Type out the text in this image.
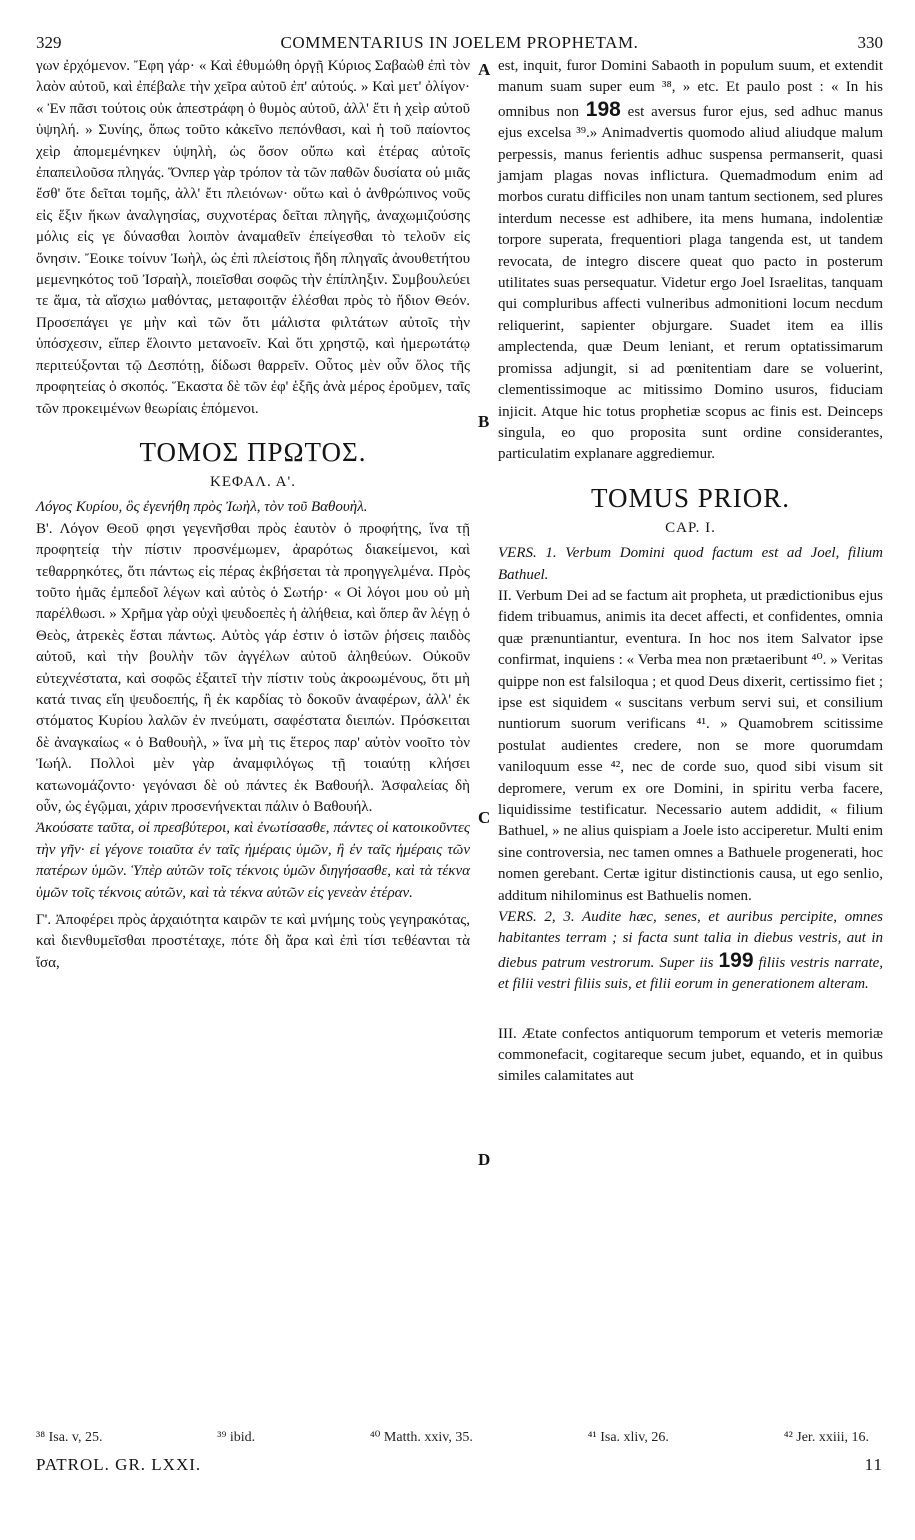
329	COMMENTARIUS IN JOELEM PROPHETAM.	330

γων ἐρχόμενον. Ἔφη γάρ· « Καὶ ἐθυμώθη ὀργῇ Κύριος Σαβαὼθ ἐπὶ τὸν λαὸν αὐτοῦ, καὶ ἐπέβαλε τὴν χεῖρα αὐτοῦ ἐπ' αὐτούς. » Καὶ μετ' ὀλίγον· « Ἐν πᾶσι τούτοις οὐκ ἀπεστράφη ὁ θυμὸς αὐτοῦ, ἀλλ' ἔτι ἡ χεὶρ αὐτοῦ ὑψηλή. » Συνίης, ὅπως τοῦτο κἀκεῖνο πεπόνθασι, καὶ ἡ τοῦ παίοντος χεὶρ ἀπομεμένηκεν ὑψηλὴ, ὡς ὅσον οὔπω καὶ ἑτέρας αὐτοῖς ἐπαπειλοῦσα πληγάς. Ὅνπερ γὰρ τρόπον τὰ τῶν παθῶν δυσίατα οὐ μιᾶς ἔσθ' ὅτε δεῖται τομῆς, ἀλλ' ἔτι πλειόνων· οὕτω καὶ ὁ ἀνθρώπινος νοῦς εἰς ἕξιν ἥκων ἀναλγησίας, συχνοτέρας δεῖται πληγῆς, ἀναχωμιζούσης μόλις εἰς γε δύνασθαι λοιπὸν ἀναμαθεῖν ἐπείγεσθαι τὸ τελοῦν εἰς ὄνησιν. Ἔοικε τοίνυν Ἰωὴλ, ὡς ἐπὶ πλείστοις ἤδη πληγαῖς ἀνουθετήτου μεμενηκότος τοῦ Ἰσραὴλ, ποιεῖσθαι σοφῶς τὴν ἐπίπληξιν. Συμβουλεύει τε ἅμα, τὰ αἴσχιω μαθόντας, μεταφοιτᾷν ἐλέσθαι πρὸς τὸ ἥδιον Θεόν. Προσεπάγει γε μὴν καὶ τῶν ὅτι μάλιστα φιλτάτων αὐτοῖς τὴν ὑπόσχεσιν, εἴπερ ἕλοιντο μετανοεῖν. Καὶ ὅτι χρηστῷ, καὶ ἡμερωτάτῳ περιτεύξονται τῷ Δεσπότῃ, δίδωσι θαρρεῖν. Οὗτος μὲν οὖν ὅλος τῆς προφητείας ὁ σκοπός. Ἕκαστα δὲ τῶν ἐφ' ἑξῆς ἀνὰ μέρος ἐροῦμεν, ταῖς τῶν προκειμένων θεωρίαις ἑπόμενοι.

ΤΟΜΟΣ ΠΡΩΤΟΣ.
ΚΕΦΑΛ. Α'.

Λόγος Κυρίου, ὃς ἐγενήθη πρὸς Ἰωὴλ, τὸν τοῦ Βαθουὴλ.

Β'. Λόγον Θεοῦ φησι γεγενῆσθαι πρὸς ἑαυτὸν ὁ προφήτης, ἵνα τῇ προφητείᾳ τὴν πίστιν προσνέμωμεν, ἀραρότως διακείμενοι, καὶ τεθαρρηκότες, ὅτι πάντως εἰς πέρας ἐκβήσεται τὰ προηγγελμένα. Πρὸς τοῦτο ἡμᾶς ἐμπεδοῖ λέγων καὶ αὐτὸς ὁ Σωτήρ· « Οἱ λόγοι μου οὐ μὴ παρέλθωσι. » Χρῆμα γὰρ οὐχὶ ψευδοεπὲς ἡ ἀλήθεια, καὶ ὅπερ ἂν λέγῃ ὁ Θεὸς, ἀτρεκὲς ἔσται πάντως. Αὐτὸς γάρ ἐστιν ὁ ἱστῶν ῥήσεις παιδὸς αὐτοῦ, καὶ τὴν βουλὴν τῶν ἀγγέλων αὐτοῦ ἀληθεύων. Οὐκοῦν εὐτεχνέστατα, καὶ σοφῶς ἐξαιτεῖ τὴν πίστιν τοὺς ἀκροωμένους, ὅτι μὴ κατά τινας εἴη ψευδοεπής, ἢ ἐκ καρδίας τὸ δοκοῦν ἀναφέρων, ἀλλ' ἐκ στόματος Κυρίου λαλῶν ἐν πνεύματι, σαφέστατα διειπών. Πρόσκειται δὲ ἀναγκαίως « ὁ Βαθουὴλ, » ἵνα μὴ τις ἕτερος παρ' αὐτὸν νοοῖτο τὸν Ἰωήλ. Πολλοὶ μὲν γὰρ ἀναμφιλόγως τῇ τοιαύτῃ κλήσει κατωνομάζοντο· γεγόνασι δὲ οὐ πάντες ἐκ Βαθουήλ. Ἀσφαλείας δὴ οὖν, ὡς ἐγῷμαι, χάριν προσενήνεκται πάλιν ὁ Βαθουήλ.

Ἀκούσατε ταῦτα, οἱ πρεσβύτεροι, καὶ ἐνωτίσασθε, πάντες οἱ κατοικοῦντες τὴν γῆν· εἰ γέγονε τοιαῦτα ἐν ταῖς ἡμέραις ὑμῶν, ἢ ἐν ταῖς ἡμέραις τῶν πατέρων ὑμῶν. Ὑπὲρ αὐτῶν τοῖς τέκνοις ὑμῶν διηγήσασθε, καὶ τὰ τέκνα ὑμῶν τοῖς τέκνοις αὐτῶν, καὶ τὰ τέκνα αὐτῶν εἰς γενεὰν ἑτέραν.

Γ'. Ἀποφέρει πρὸς ἀρχαιότητα καιρῶν τε καὶ μνήμης τοὺς γεγηρακότας, καὶ διενθυμεῖσθαι προστέταχε, πότε δὴ ἄρα καὶ ἐπὶ τίσι τεθέανται τὰ ἴσα,

A
B
C
D

est, inquit, furor Domini Sabaoth in populum suum, et extendit manum suam super eum ³⁸, » etc. Et paulo post : « In his omnibus non 198 est aversus furor ejus, sed adhuc manus ejus excelsa ³⁹.» Animadvertis quomodo aliud aliudque malum perpessis, manus ferientis adhuc suspensa permanserit, quasi jamjam plagas novas inflictura. Quemadmodum enim ad morbos curatu difficiles non unam tantum sectionem, sed plures interdum necesse est adhibere, ita mens humana, indolentiæ torpore superata, frequentiori plaga tangenda est, ut tandem revocata, de integro discere queat quo pacto in posterum utilitates suas persequatur. Videtur ergo Joel Israelitas, tanquam qui compluribus affecti vulneribus admonitioni locum necdum reliquerint, sapienter objurgare. Suadet item ea illis amplectenda, quæ Deum leniant, et rerum optatissimarum promissa adjungit, si ad pœnitentiam dare se voluerint, clementissimoque ac mitissimo Domino usuros, fiduciam injicit. Atque hic totus prophetiæ scopus ac finis est. Deinceps singula, eo quo proposita sunt ordine considerantes, particulatim explanare aggrediemur.

TOMUS PRIOR.
CAP. I.

VERS. 1. Verbum Domini quod factum est ad Joel, filium Bathuel.

II. Verbum Dei ad se factum ait propheta, ut prædictionibus ejus fidem tribuamus, animis ita decet affecti, et confidentes, omnia quæ prænuntiantur, eventura. In hoc nos item Salvator ipse confirmat, inquiens : « Verba mea non prætaeribunt ⁴⁰. » Veritas quippe non est falsiloqua ; et quod Deus dixerit, certissimo fiet ; ipse est siquidem « suscitans verbum servi sui, et consilium nuntiorum suorum verificans ⁴¹. » Quamobrem scitissime postulat audientes credere, non se more quorumdam vaniloquum esse ⁴², nec de corde suo, quod sibi visum sit depromere, verum ex ore Domini, in spiritu verba facere, liquidissime testificatur. Necessario autem addidit, « filium Bathuel, » ne alius quispiam a Joele isto acciperetur. Multi enim sine controversia, nec tamen omnes a Bathuele progenerati, hoc nomen gerebant. Certæ igitur distinctionis causa, ut ego senlio, additum nihilominus est Bathuelis nomen.

VERS. 2, 3. Audite hæc, senes, et auribus percipite, omnes habitantes terram ; si facta sunt talia in diebus vestris, aut in diebus patrum vestrorum. Super iis 199 filiis vestris narrate, et filii vestri filiis suis, et filii eorum in generationem alteram.

III. Ætate confectos antiquorum temporum et veteris memoriæ commonefacit, cogitareque secum jubet, equando, et in quibus similes calamitates aut

³⁸ Isa. v, 25.	³⁹ ibid.	⁴⁰ Matth. xxiv, 35.	⁴¹ Isa. xliv, 26.	⁴² Jer. xxiii, 16.
PATROL. GR. LXXI.	11
